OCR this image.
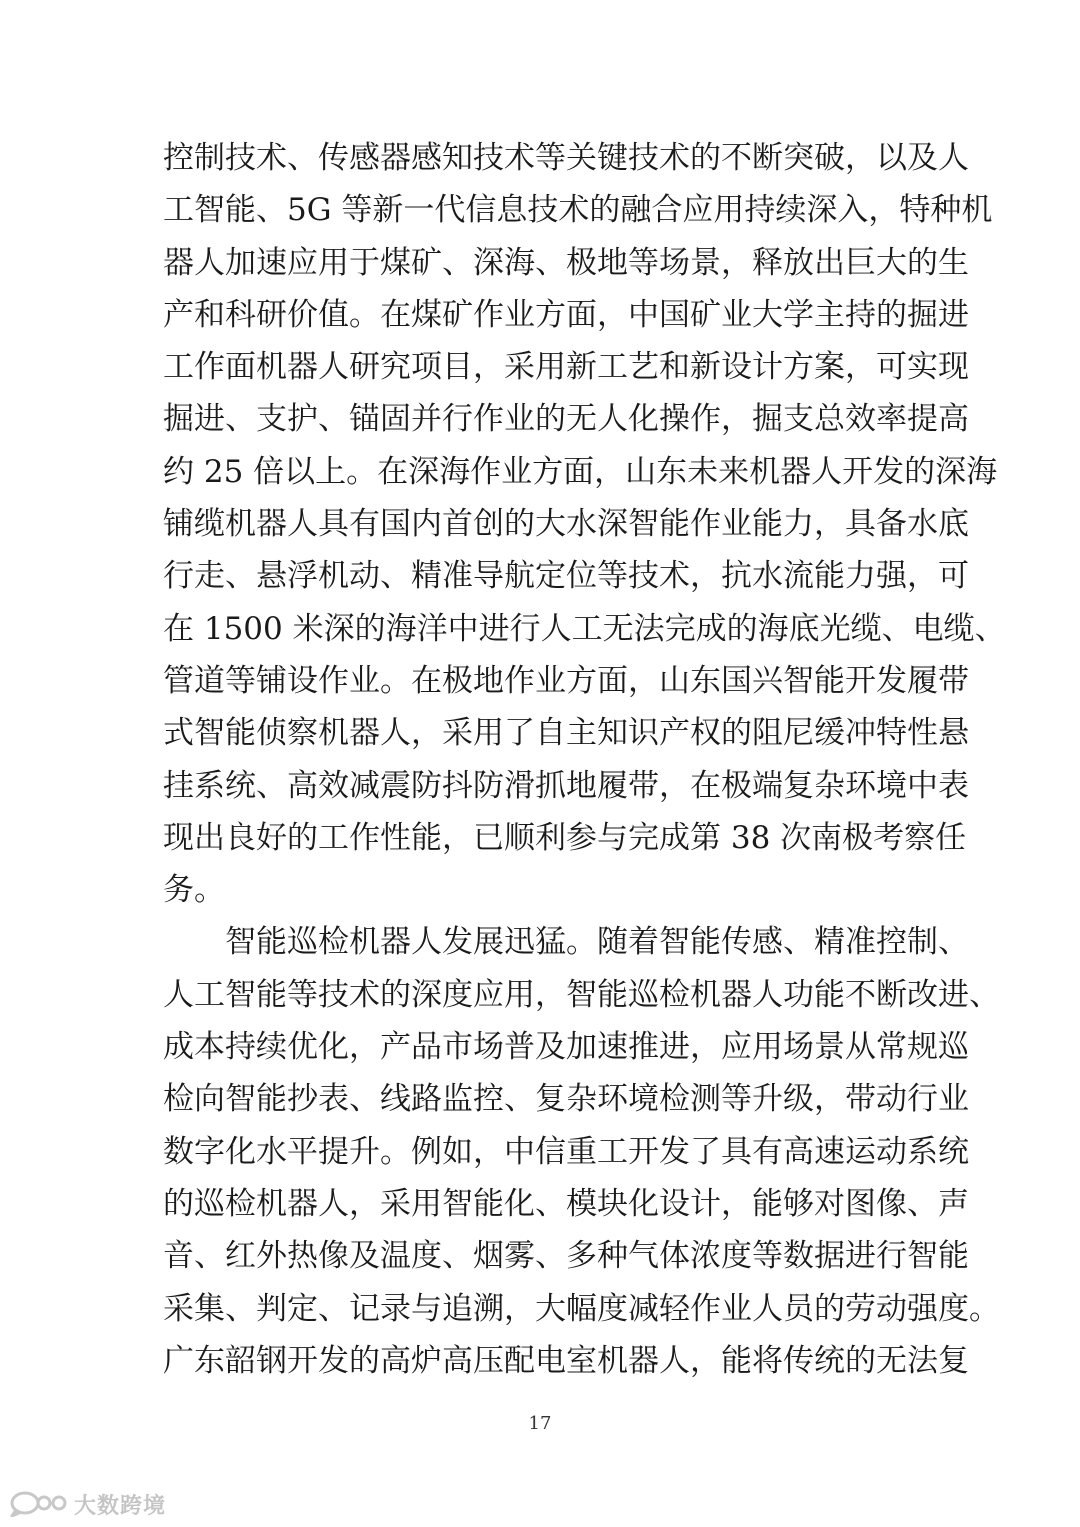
控制技术、传感器感知技术等关键技术的不断突破，以及人
工智能、5G 等新一代信息技术的融合应用持续深入，特种机
器人加速应用于煤矿、深海、极地等场景，释放出巨大的生
产和科研价值。在煤矿作业方面，中国矿业大学主持的掘进
工作面机器人研究项目，采用新工艺和新设计方案，可实现
掘进、支护、锚固并行作业的无人化操作，掘支总效率提高
约 25 倍以上。在深海作业方面，山东未来机器人开发的深海
铺缆机器人具有国内首创的大水深智能作业能力，具备水底
行走、悬浮机动、精准导航定位等技术，抗水流能力强，可
在 1500 米深的海洋中进行人工无法完成的海底光缆、电缆、
管道等铺设作业。在极地作业方面，山东国兴智能开发履带
式智能侦察机器人，采用了自主知识产权的阻尼缓冲特性悬
挂系统、高效减震防抖防滑抓地履带，在极端复杂环境中表
现出良好的工作性能，已顺利参与完成第 38 次南极考察任
务。
智能巡检机器人发展迅猛。随着智能传感、精准控制、
人工智能等技术的深度应用，智能巡检机器人功能不断改进、
成本持续优化，产品市场普及加速推进，应用场景从常规巡
检向智能抄表、线路监控、复杂环境检测等升级，带动行业
数字化水平提升。例如，中信重工开发了具有高速运动系统
的巡检机器人，采用智能化、模块化设计，能够对图像、声
音、红外热像及温度、烟雾、多种气体浓度等数据进行智能
采集、判定、记录与追溯，大幅度减轻作业人员的劳动强度。
广东韶钢开发的高炉高压配电室机器人，能将传统的无法复
17
大数跨境
